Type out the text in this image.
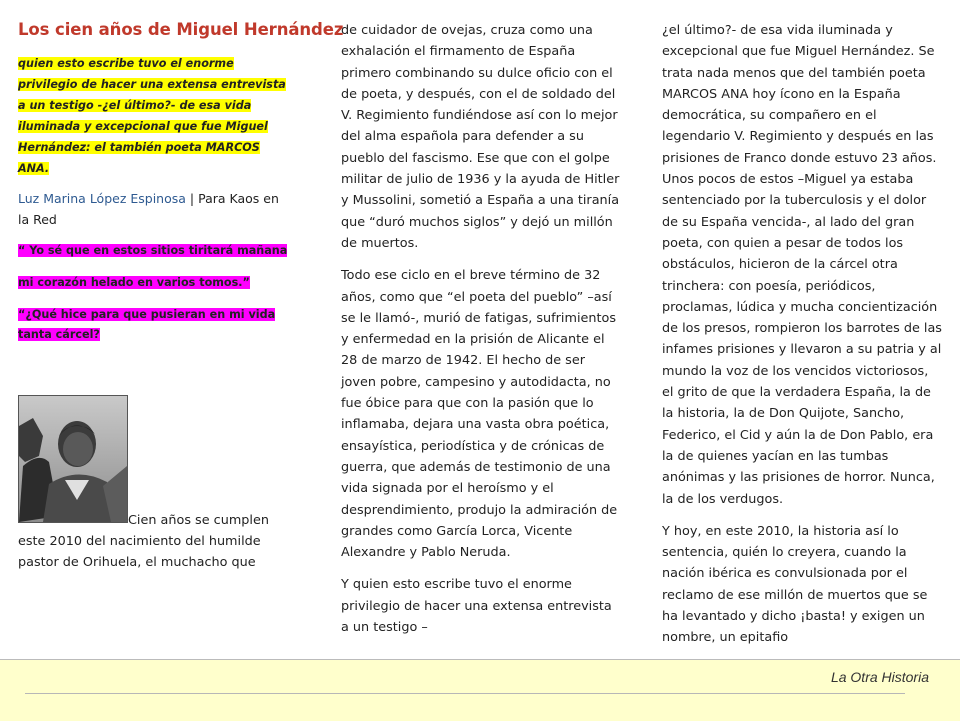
Los cien años de Miguel Hernández

quien esto escribe tuvo el enorme privilegio de hacer una extensa entrevista a un testigo -¿el último?- de esa vida iluminada y excepcional que fue Miguel Hernández: el también poeta MARCOS ANA.

Luz Marina López Espinosa | Para Kaos en la Red

“ Yo sé que en estos sitios tiritará mañana

mi corazón helado en varios tomos.”

“¿Qué hice para que pusieran en mi vida tanta cárcel?

Cien años se cumplen este 2010 del nacimiento del humilde pastor de Orihuela, el muchacho que

de cuidador de ovejas, cruza como una exhalación el firmamento de España primero combinando su dulce oficio con el de poeta, y después, con el de soldado del V. Regimiento fundiéndose así con lo mejor del alma española para defender a su pueblo del fascismo. Ese que con el golpe militar de julio de 1936 y la ayuda de Hitler y Mussolini, sometió a España a una tiranía que “duró muchos siglos” y dejó un millón de muertos.

Todo ese ciclo en el breve término de 32 años, como que “el poeta del pueblo” –así se le llamó-, murió de fatigas, sufrimientos y enfermedad en la prisión de Alicante el 28 de marzo de 1942. El hecho de ser joven pobre, campesino y autodidacta, no fue óbice para que con la pasión que lo inflamaba, dejara una vasta obra poética, ensayística, periodística y de crónicas de guerra, que además de testimonio de una vida signada por el heroísmo y el desprendimiento, produjo la admiración de grandes como García Lorca, Vicente Alexandre y Pablo Neruda.

Y quien esto escribe tuvo el enorme privilegio de hacer una extensa entrevista a un testigo –

¿el último?- de esa vida iluminada y excepcional que fue Miguel Hernández. Se trata nada menos que del también poeta MARCOS ANA hoy ícono en la España democrática, su compañero en el legendario V. Regimiento y después en las prisiones de Franco donde estuvo 23 años. Unos pocos de estos –Miguel ya estaba sentenciado por la tuberculosis y el dolor de su España vencida-, al lado del gran poeta, con quien a pesar de todos los obstáculos, hicieron de la cárcel otra trinchera: con poesía, periódicos, proclamas, lúdica y mucha concientización de los presos, rompieron los barrotes de las infames prisiones y llevaron a su patria y al mundo la voz de los vencidos victoriosos, el grito de que la verdadera España, la de la historia, la de Don Quijote, Sancho, Federico, el Cid y aún la de Don Pablo, era la de quienes yacían en las tumbas anónimas y las prisiones de horror. Nunca, la de los verdugos.

Y hoy, en este 2010, la historia así lo sentencia, quién lo creyera, cuando la nación ibérica es convulsionada por el reclamo de ese millón de muertos que se ha levantado y dicho ¡basta! y exigen un nombre, un epitafio

La Otra Historia
